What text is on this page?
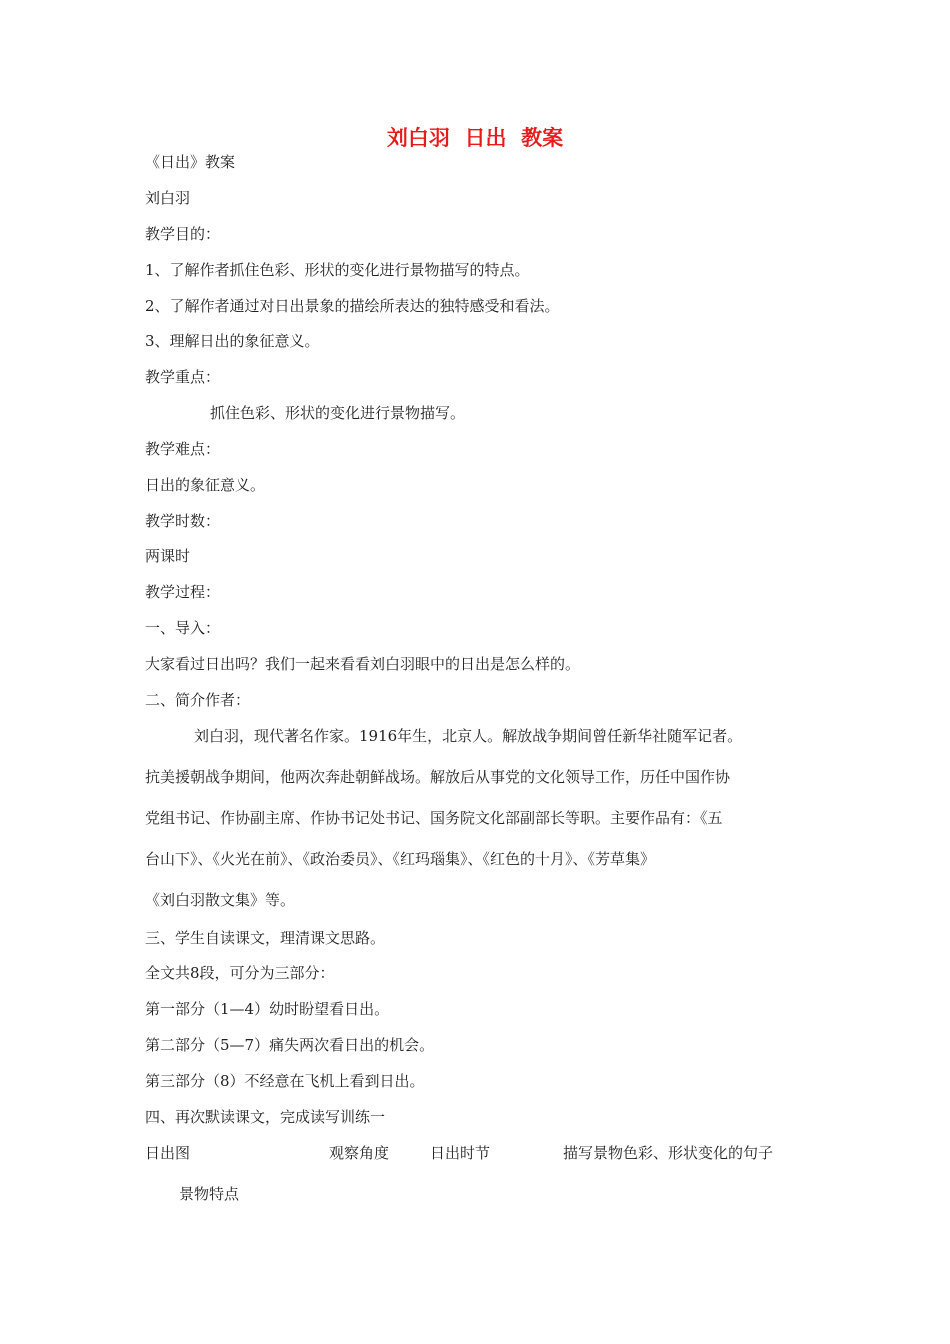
刘白羽  日出  教案
《日出》教案
刘白羽
教学目的：
1、了解作者抓住色彩、形状的变化进行景物描写的特点。
2、了解作者通过对日出景象的描绘所表达的独特感受和看法。
3、理解日出的象征意义。
教学重点：
抓住色彩、形状的变化进行景物描写。
教学难点：
日出的象征意义。
教学时数：
两课时
教学过程：
一、导入：
大家看过日出吗？我们一起来看看刘白羽眼中的日出是怎么样的。
二、简介作者：
刘白羽，现代著名作家。1916年生，北京人。解放战争期间曾任新华社随军记者。
抗美援朝战争期间，他两次奔赴朝鲜战场。解放后从事党的文化领导工作，历任中国作协
党组书记、作协副主席、作协书记处书记、国务院文化部副部长等职。主要作品有：《五
台山下》、《火光在前》、《政治委员》、《红玛瑙集》、《红色的十月》、《芳草集》
《刘白羽散文集》等。
三、学生自读课文，理清课文思路。
全文共8段，可分为三部分：
第一部分（1—4）幼时盼望看日出。
第二部分（5—7）痛失两次看日出的机会。
第三部分（8）不经意在飞机上看到日出。
四、再次默读课文，完成读写训练一
日出图	观察角度	日出时节	描写景物色彩、形状变化的句子
景物特点
